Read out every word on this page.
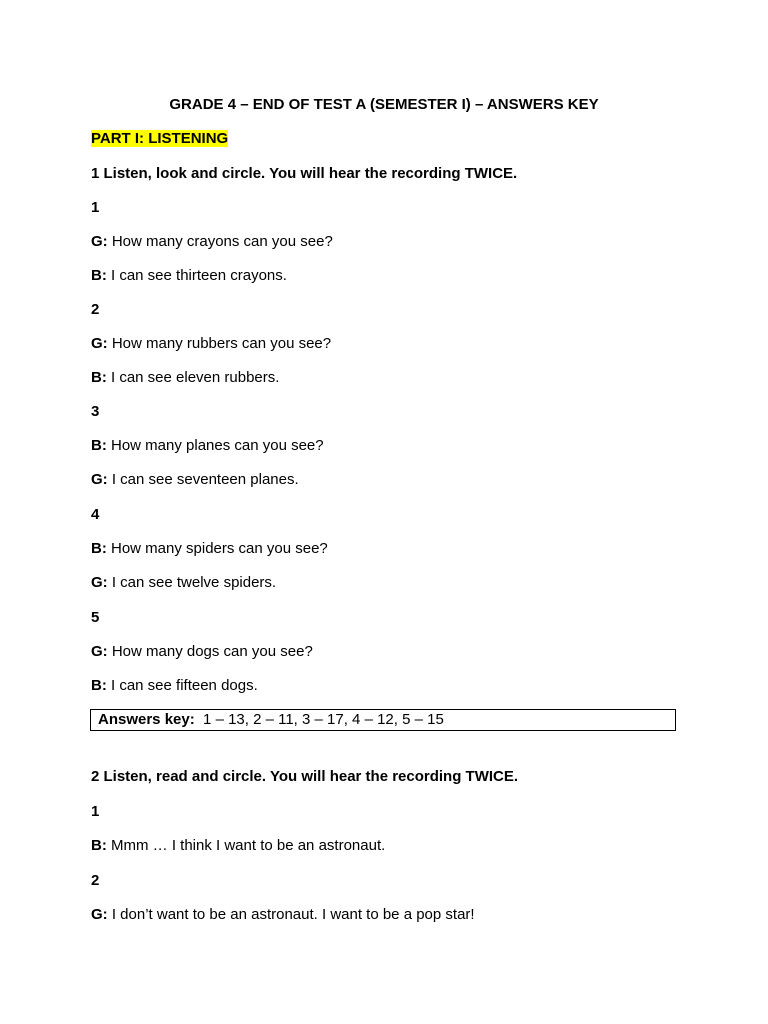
GRADE 4 – END OF TEST A (SEMESTER I) – ANSWERS KEY
PART I: LISTENING
1 Listen, look and circle. You will hear the recording TWICE.
1
G: How many crayons can you see?
B: I can see thirteen crayons.
2
G: How many rubbers can you see?
B: I can see eleven rubbers.
3
B: How many planes can you see?
G: I can see seventeen planes.
4
B: How many spiders can you see?
G: I can see twelve spiders.
5
G: How many dogs can you see?
B: I can see fifteen dogs.
Answers key:  1 – 13, 2 – 11, 3 – 17, 4 – 12, 5 – 15
2 Listen, read and circle. You will hear the recording TWICE.
1
B: Mmm … I think I want to be an astronaut.
2
G: I don’t want to be an astronaut. I want to be a pop star!
